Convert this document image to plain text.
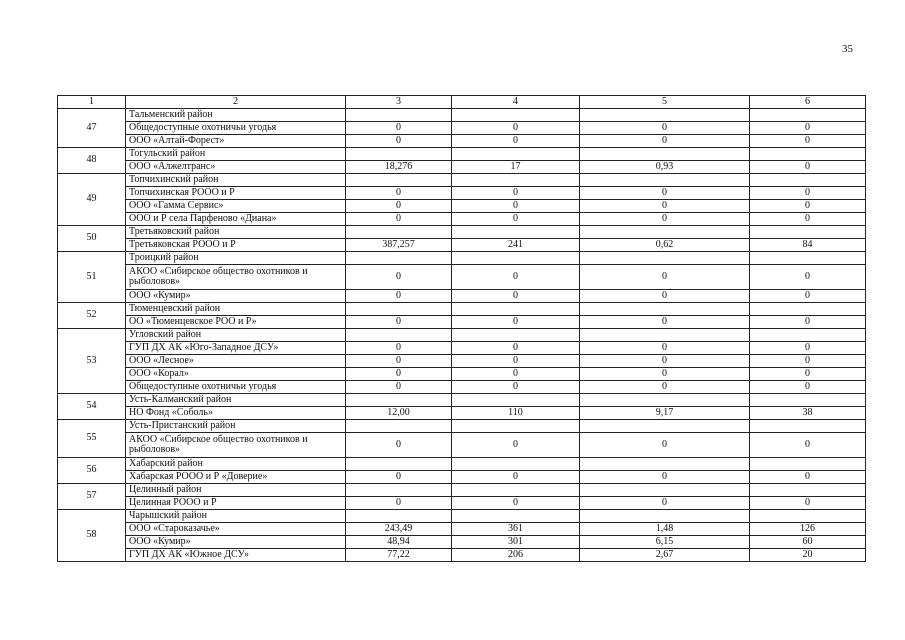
35
1	2	3	4	5	6
47	Тальменский район				
	Общедоступные охотничьи угодья	0	0	0	0
	ООО «Алтай-Форест»	0	0	0	0
48	Тогульский район				
	ООО «Алжелтранс»	18,276	17	0,93	0
49	Топчихинский район				
	Топчихинская РООО и Р	0	0	0	0
	ООО «Гамма Сервис»	0	0	0	0
	ООО и Р села Парфеново «Диана»	0	0	0	0
50	Третьяковский район				
	Третьяковская РООО и Р	387,257	241	0,62	84
51	Троицкий район				
	АКОО «Сибирское общество охотников и рыболовов»	0	0	0	0
	ООО «Кумир»	0	0	0	0
52	Тюменцевский район				
	ОО «Тюменцевское РОО и Р»	0	0	0	0
53	Угловский район				
	ГУП ДХ АК «Юго-Западное ДСУ»	0	0	0	0
	ООО «Лесное»	0	0	0	0
	ООО «Корал»	0	0	0	0
	Общедоступные охотничьи угодья	0	0	0	0
54	Усть-Калманский район				
	НО Фонд «Соболь»	12,00	110	9,17	38
55	Усть-Пристанский район				
	АКОО «Сибирское общество охотников и рыболовов»	0	0	0	0
56	Хабарский район				
	Хабарская РООО и Р «Доверие»	0	0	0	0
57	Целинный район				
	Целинная РООО и Р	0	0	0	0
58	Чарышский район				
	ООО «Староказачье»	243,49	361	1,48	126
	ООО «Кумир»	48,94	301	6,15	60
	ГУП ДХ АК «Южное ДСУ»	77,22	206	2,67	20
